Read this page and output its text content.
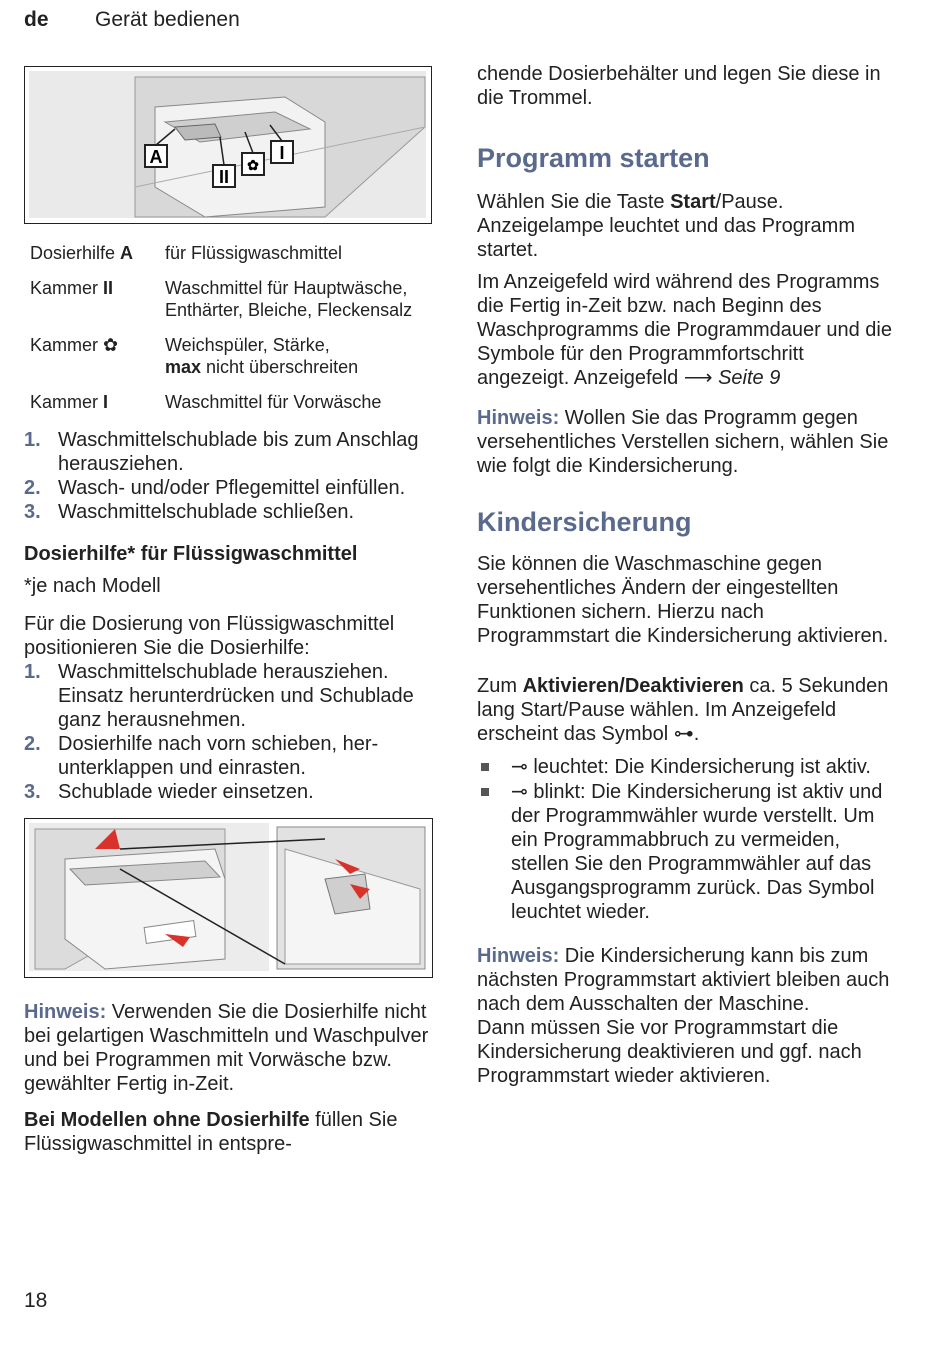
de Gerät bedienen
A
II
✿
I
Dosierhilfe A	für Flüssigwaschmittel
Kammer II	Waschmittel für Hauptwäsche,
Enthärter, Bleiche, Fleckensalz
Kammer ✿	Weichspüler, Stärke,
max nicht überschreiten
Kammer I	Waschmittel für Vorwäsche
1. Waschmittelschublade bis zum Anschlag herausziehen.
2. Wasch- und/oder Pflegemittel einfüllen.
3. Waschmittelschublade schließen.
Dosierhilfe* für Flüssigwaschmittel

*je nach Modell

Für die Dosierung von Flüssigwaschmittel positionieren Sie die Dosierhilfe:

1. Waschmittelschublade herausziehen. Einsatz herunterdrücken und Schublade ganz herausnehmen.
2. Dosierhilfe nach vorn schieben, herunterklappen und einrasten.
3. Schublade wieder einsetzen.

Hinweis: Verwenden Sie die Dosierhilfe nicht bei gelartigen Waschmitteln und Waschpulver und bei Programmen mit Vorwäsche bzw. gewählter Fertig in-Zeit.

Bei Modellen ohne Dosierhilfe füllen Sie Flüssigwaschmittel in entspre-

chende Dosierbehälter und legen Sie diese in die Trommel.

Programm starten

Wählen Sie die Taste Start/Pause. Anzeigelampe leuchtet und das Programm startet.

Im Anzeigefeld wird während des Programms die Fertig in-Zeit bzw. nach Beginn des Waschprogramms die Programmdauer und die Symbole für den Programmfortschritt angezeigt. Anzeigefeld ⟶ Seite 9

Hinweis: Wollen Sie das Programm gegen versehentliches Verstellen sichern, wählen Sie wie folgt die Kindersicherung.

Kindersicherung

Sie können die Waschmaschine gegen versehentliches Ändern der eingestellten Funktionen sichern. Hierzu nach Programmstart die Kindersicherung aktivieren.

Zum Aktivieren/Deaktivieren ca. 5 Sekunden lang Start/Pause wählen. Im Anzeigefeld erscheint das Symbol ⊶.

⊸ leuchtet: Die Kindersicherung ist aktiv.
⊸ blinkt: Die Kindersicherung ist aktiv und der Programmwähler wurde verstellt. Um ein Programmabbruch zu vermeiden, stellen Sie den Programmwähler auf das Ausgangsprogramm zurück. Das Symbol leuchtet wieder.

Hinweis: Die Kindersicherung kann bis zum nächsten Programmstart aktiviert bleiben auch nach dem Ausschalten der Maschine.

Dann müssen Sie vor Programmstart die Kindersicherung deaktivieren und ggf. nach Programmstart wieder aktivieren.

18
